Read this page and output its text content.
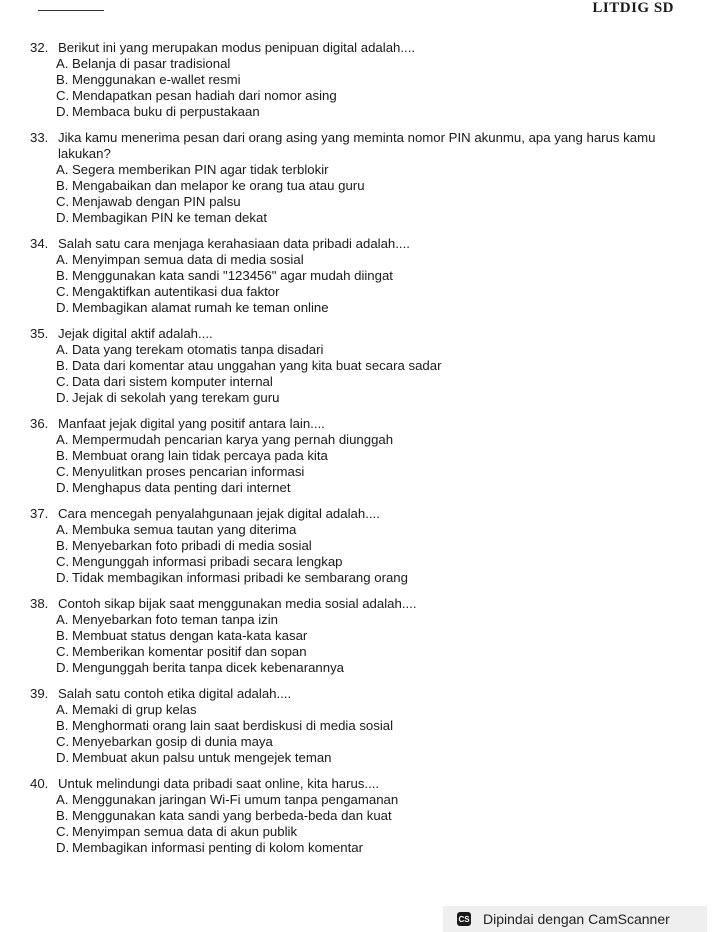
LITDIG SD
32. Berikut ini yang merupakan modus penipuan digital adalah....
A. Belanja di pasar tradisional
B. Menggunakan e-wallet resmi
C. Mendapatkan pesan hadiah dari nomor asing
D. Membaca buku di perpustakaan
33. Jika kamu menerima pesan dari orang asing yang meminta nomor PIN akunmu, apa yang harus kamu lakukan?
A. Segera memberikan PIN agar tidak terblokir
B. Mengabaikan dan melapor ke orang tua atau guru
C. Menjawab dengan PIN palsu
D. Membagikan PIN ke teman dekat
34. Salah satu cara menjaga kerahasiaan data pribadi adalah....
A. Menyimpan semua data di media sosial
B. Menggunakan kata sandi "123456" agar mudah diingat
C. Mengaktifkan autentikasi dua faktor
D. Membagikan alamat rumah ke teman online
35. Jejak digital aktif adalah....
A. Data yang terekam otomatis tanpa disadari
B. Data dari komentar atau unggahan yang kita buat secara sadar
C. Data dari sistem komputer internal
D. Jejak di sekolah yang terekam guru
36. Manfaat jejak digital yang positif antara lain....
A. Mempermudah pencarian karya yang pernah diunggah
B. Membuat orang lain tidak percaya pada kita
C. Menyulitkan proses pencarian informasi
D. Menghapus data penting dari internet
37. Cara mencegah penyalahgunaan jejak digital adalah....
A. Membuka semua tautan yang diterima
B. Menyebarkan foto pribadi di media sosial
C. Mengunggah informasi pribadi secara lengkap
D. Tidak membagikan informasi pribadi ke sembarang orang
38. Contoh sikap bijak saat menggunakan media sosial adalah....
A. Menyebarkan foto teman tanpa izin
B. Membuat status dengan kata-kata kasar
C. Memberikan komentar positif dan sopan
D. Mengunggah berita tanpa dicek kebenarannya
39. Salah satu contoh etika digital adalah....
A. Memaki di grup kelas
B. Menghormati orang lain saat berdiskusi di media sosial
C. Menyebarkan gosip di dunia maya
D. Membuat akun palsu untuk mengejek teman
40. Untuk melindungi data pribadi saat online, kita harus....
A. Menggunakan jaringan Wi-Fi umum tanpa pengamanan
B. Menggunakan kata sandi yang berbeda-beda dan kuat
C. Menyimpan semua data di akun publik
D. Membagikan informasi penting di kolom komentar
CS Dipindai dengan CamScanner
